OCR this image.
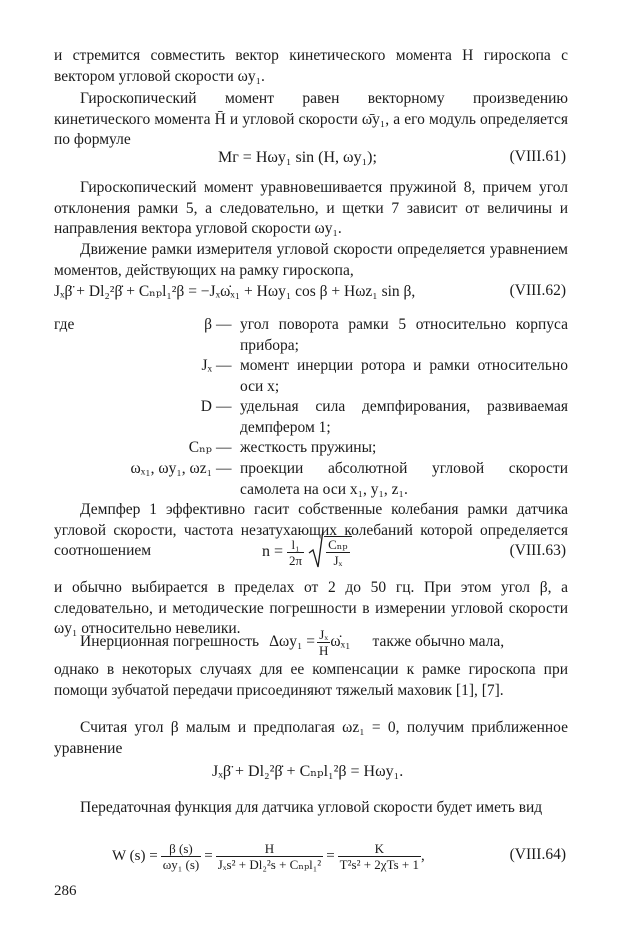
и стремится совместить вектор кинетического момента H гироскопа с вектором угловой скорости ωy₁.

Гироскопический момент равен векторному произведению кинетического момента H̄ и угловой скорости ω̄y₁, а его модуль определяется по формуле

Mᴦ = Hωy₁ sin (H, ωy₁);	(VIII.61)

Гироскопический момент уравновешивается пружиной 8, причем угол отклонения рамки 5, а следовательно, и щетки 7 зависит от величины и направления вектора угловой скорости ωy₁.

Движение рамки измерителя угловой скорости определяется уравнением моментов, действующих на рамку гироскопа,

Jₓβ̈ + Dl₂²β̇ + Cₙₚl₁²β = −Jₓω̇ₓ₁ + Hωy₁ cos β + Hωz₁ sin β,	(VIII.62)
где	β — угол поворота рамки 5 относительно корпуса прибора;
Jₓ — момент инерции ротора и рамки относительно оси x;
D — удельная сила демпфирования, развиваемая демпфером 1;
Cₙₚ — жесткость пружины;
ωₓ₁, ωy₁, ωz₁ — проекции абсолютной угловой скорости самолета на оси x₁, y₁, z₁.

Демпфер 1 эффективно гасит собственные колебания рамки датчика угловой скорости, частота незатухающих колебаний которой определяется соотношением	$n = \frac{\text{l₁}}{2\pi} \frac{\text{Cₙₚ}}{\text{Jₓ}}$	(VIII.63)

и обычно выбирается в пределах от 2 до 50 гц. При этом угол β, а следовательно, и методические погрешности в измерении угловой скорости ωy₁ относительно невелики.

Инерционная погрешность $\Delta\omega y_1 = \frac{\text{Jₓ}}{H}$ ω̇ₓ₁ также обычно мала,

однако в некоторых случаях для ее компенсации к рамке гироскопа при помощи зубчатой передачи присоединяют тяжелый маховик [1], [7].

Считая угол β малым и предполагая ωz₁ = 0, получим приближенное уравнение

Jₓβ̈ + Dl₂²β̇ + Cₙₚl₁²β = Hωy₁.

Передаточная функция для датчика угловой скорости будет иметь вид

W $(s) = \frac{\beta (s)}{\text{ωy₁ (s)}} = \frac{H}{\text{Jₓs² + Dl₂²s + Cₙₚl₁²}} = \frac{K}{\text{T²s² + 2χTs + 1}}$ ,	(VIII.64)
286
